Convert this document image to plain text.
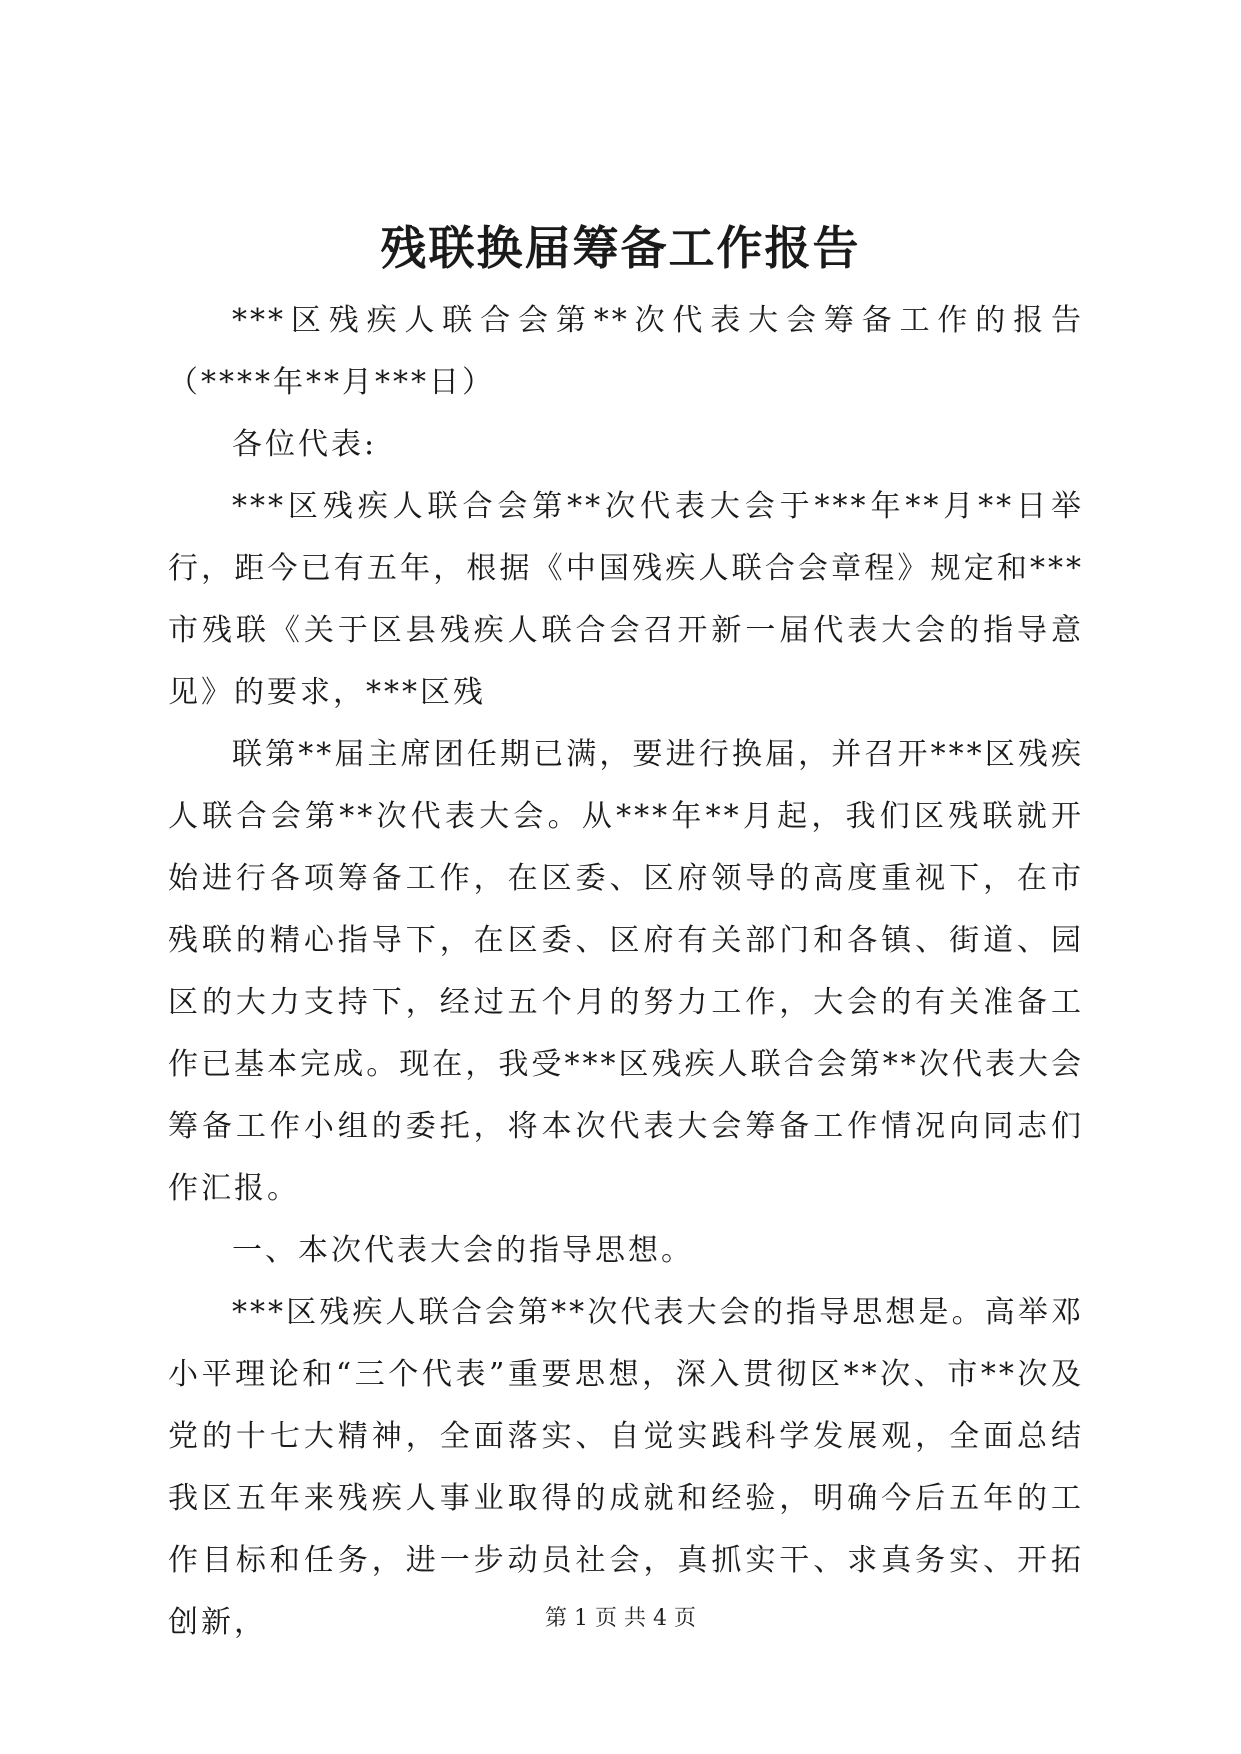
残联换届筹备工作报告

***区残疾人联合会第**次代表大会筹备工作的报告（****年**月***日）

各位代表:

***区残疾人联合会第**次代表大会于***年**月**日举行，距今已有五年，根据《中国残疾人联合会章程》规定和***市残联《关于区县残疾人联合会召开新一届代表大会的指导意见》的要求，***区残

联第**届主席团任期已满，要进行换届，并召开***区残疾人联合会第**次代表大会。从***年**月起，我们区残联就开始进行各项筹备工作，在区委、区府领导的高度重视下，在市残联的精心指导下，在区委、区府有关部门和各镇、街道、园区的大力支持下，经过五个月的努力工作，大会的有关准备工作已基本完成。现在，我受***区残疾人联合会第**次代表大会筹备工作小组的委托，将本次代表大会筹备工作情况向同志们作汇报。

一、本次代表大会的指导思想。

***区残疾人联合会第**次代表大会的指导思想是。高举邓小平理论和“三个代表”重要思想，深入贯彻区**次、市**次及党的十七大精神，全面落实、自觉实践科学发展观，全面总结我区五年来残疾人事业取得的成就和经验，明确今后五年的工作目标和任务，进一步动员社会，真抓实干、求真务实、开拓创新，	第 1 页 共 4 页
